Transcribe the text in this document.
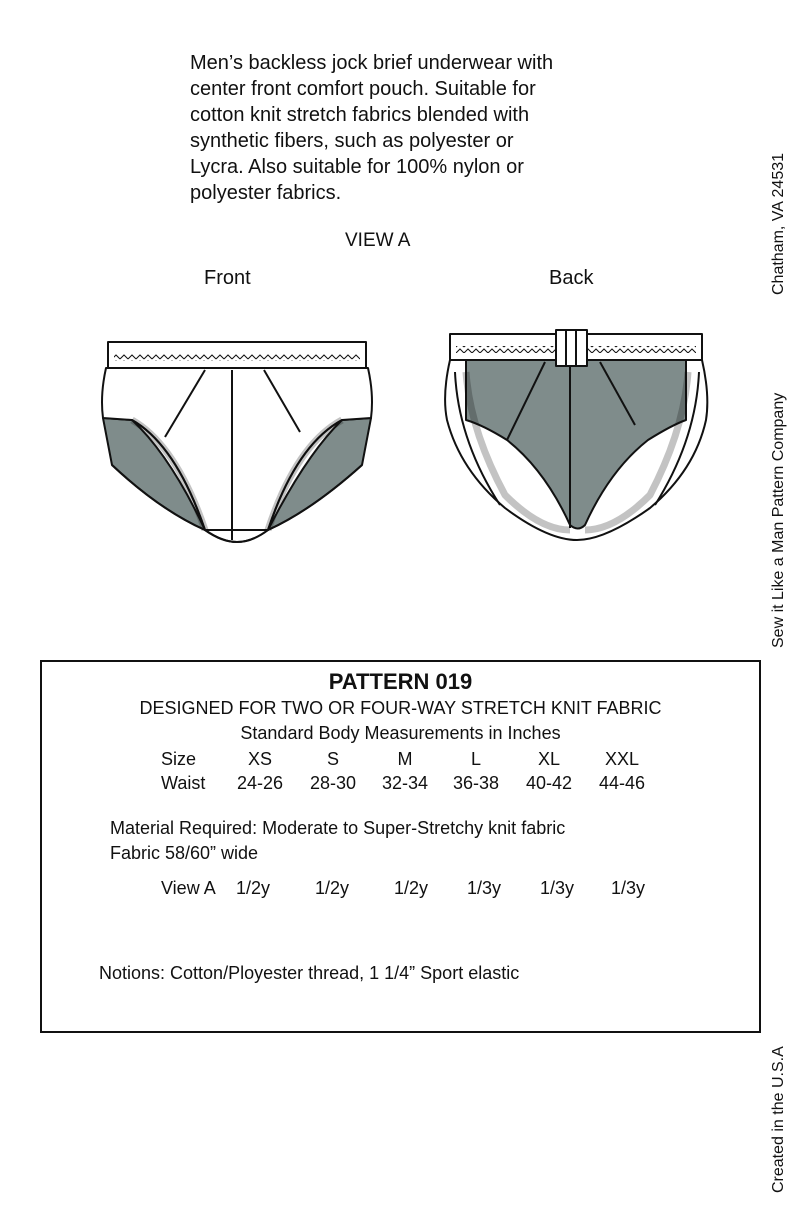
Men’s backless jock brief underwear with
center front comfort pouch. Suitable for
cotton knit stretch fabrics blended with
synthetic fibers, such as polyester or
Lycra. Also suitable for 100% nylon or
polyester fabrics.
VIEW A
Front	Back	Chatham, VA 24531
Sew it Like a Man Pattern Company
Created in the U.S.A
PATTERN 019
DESIGNED FOR TWO OR FOUR-WAY STRETCH KNIT FABRIC
Standard Body Measurements in Inches
Size	XS	S	M	L	XL	XXL
Waist	24-26	28-30	32-34	36-38	40-42	44-46
Material Required: Moderate to Super-Stretchy knit fabric
Fabric 58/60” wide
View A	1/2y	1/2y	1/2y	1/3y	1/3y	1/3y
Notions: Cotton/Ployester thread, 1 1/4” Sport elastic
